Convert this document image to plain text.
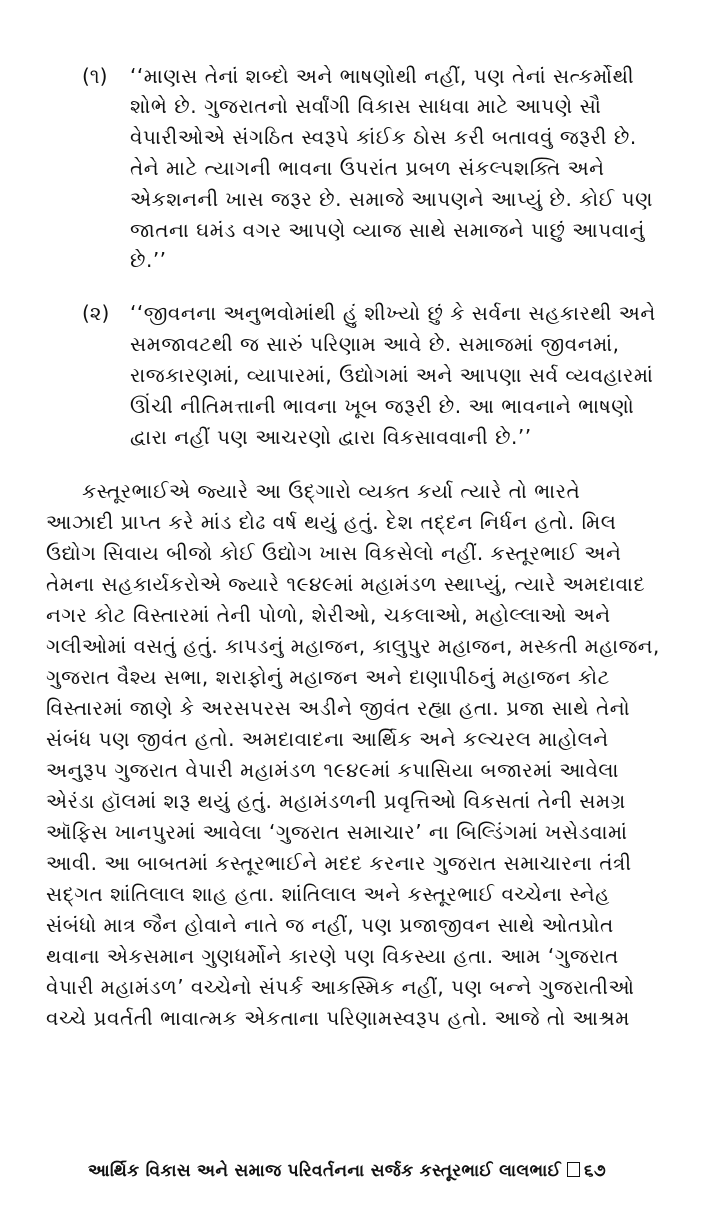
(૧) ‘‘માણસ તેનાં શબ્દો અને ભાષણોથી નહીં, પણ તેનાં સત્કર્મોથી
શોભે છે. ગુજરાતનો સર્વાંગી વિકાસ સાધવા માટે આપણે સૌ
વેપારીઓએ સંગઠિત સ્વરૂપે કાંઈક ઠોસ કરી બતાવવું જરૂરી છે.
તેને માટે ત્યાગની ભાવના ઉપરાંત પ્રબળ સંકલ્પશક્તિ અને
એકશનની ખાસ જરૂર છે. સમાજે આપણને આપ્યું છે. કોઈ પણ
જાતના ઘમંડ વગર આપણે વ્યાજ સાથે સમાજને પાછું આપવાનું
છે.’’
(૨) ‘‘જીવનના અનુભવોમાંથી હું શીખ્યો છું કે સર્વના સહકારથી અને
સમજાવટથી જ સારું પરિણામ આવે છે. સમાજમાં જીવનમાં,
રાજકારણમાં, વ્યાપારમાં, ઉદ્યોગમાં અને આપણા સર્વ વ્યવહારમાં
ઊંચી નીતિમત્તાની ભાવના ખૂબ જરૂરી છે. આ ભાવનાને ભાષણો
દ્વારા નહીં પણ આચરણો દ્વારા વિકસાવવાની છે.’’
કસ્તૂરભાઈએ જ્યારે આ ઉદ્ગારો વ્યક્ત કર્યા ત્યારે તો ભારતે
આઝાદી પ્રાપ્ત કરે માંડ દોઢ વર્ષ થયું હતું. દેશ તદ્દન નિર્ધન હતો. મિલ
ઉદ્યોગ સિવાય બીજો કોઈ ઉદ્યોગ ખાસ વિકસેલો નહીં. કસ્તૂરભાઈ અને
તેમના સહકાર્યકરોએ જ્યારે ૧૯૪૯માં મહામંડળ સ્થાપ્યું, ત્યારે અમદાવાદ
નગર કોટ વિસ્તારમાં તેની પોળો, શેરીઓ, ચકલાઓ, મહોલ્લાઓ અને
ગલીઓમાં વસતું હતું. કાપડનું મહાજન, કાલુપુર મહાજન, મસ્કતી મહાજન,
ગુજરાત વૈશ્ય સભા, શરાફોનું મહાજન અને દાણાપીઠનું મહાજન કોટ
વિસ્તારમાં જાણે કે અરસપરસ અડીને જીવંત રહ્યા હતા. પ્રજા સાથે તેનો
સંબંધ પણ જીવંત હતો. અમદાવાદના આર્થિક અને કલ્ચરલ માહોલને
અનુરૂપ ગુજરાત વેપારી મહામંડળ ૧૯૪૯માં કપાસિયા બજારમાં આવેલા
એરંડા હૉલમાં શરૂ થયું હતું. મહામંડળની પ્રવૃત્તિઓ વિકસતાં તેની સમગ્ર
ઑફિસ ખાનપુરમાં આવેલા ‘ગુજરાત સમાચાર’ ના બિલ્ડિંગમાં ખસેડવામાં
આવી. આ બાબતમાં કસ્તૂરભાઈને મદદ કરનાર ગુજરાત સમાચારના તંત્રી
સદ્ગત શાંતિલાલ શાહ હતા. શાંતિલાલ અને કસ્તૂરભાઈ વચ્ચેના સ્નેહ
સંબંધો માત્ર જૈન હોવાને નાતે જ નહીં, પણ પ્રજાજીવન સાથે ઓતપ્રોત
થવાના એકસમાન ગુણધર્મોને કારણે પણ વિકસ્યા હતા. આમ ‘ગુજરાત
વેપારી મહામંડળ’ વચ્ચેનો સંપર્ક આકસ્મિક નહીં, પણ બન્ને ગુજરાતીઓ
વચ્ચે પ્રવર્તતી ભાવાત્મક એકતાના પરિણામસ્વરૂપ હતો. આજે તો આશ્રમ
આર્થિક વિકાસ અને સમાજ પરિવર્તનના સર્જક કસ્તૂરભાઈ લાલભાઈ ૬૭
